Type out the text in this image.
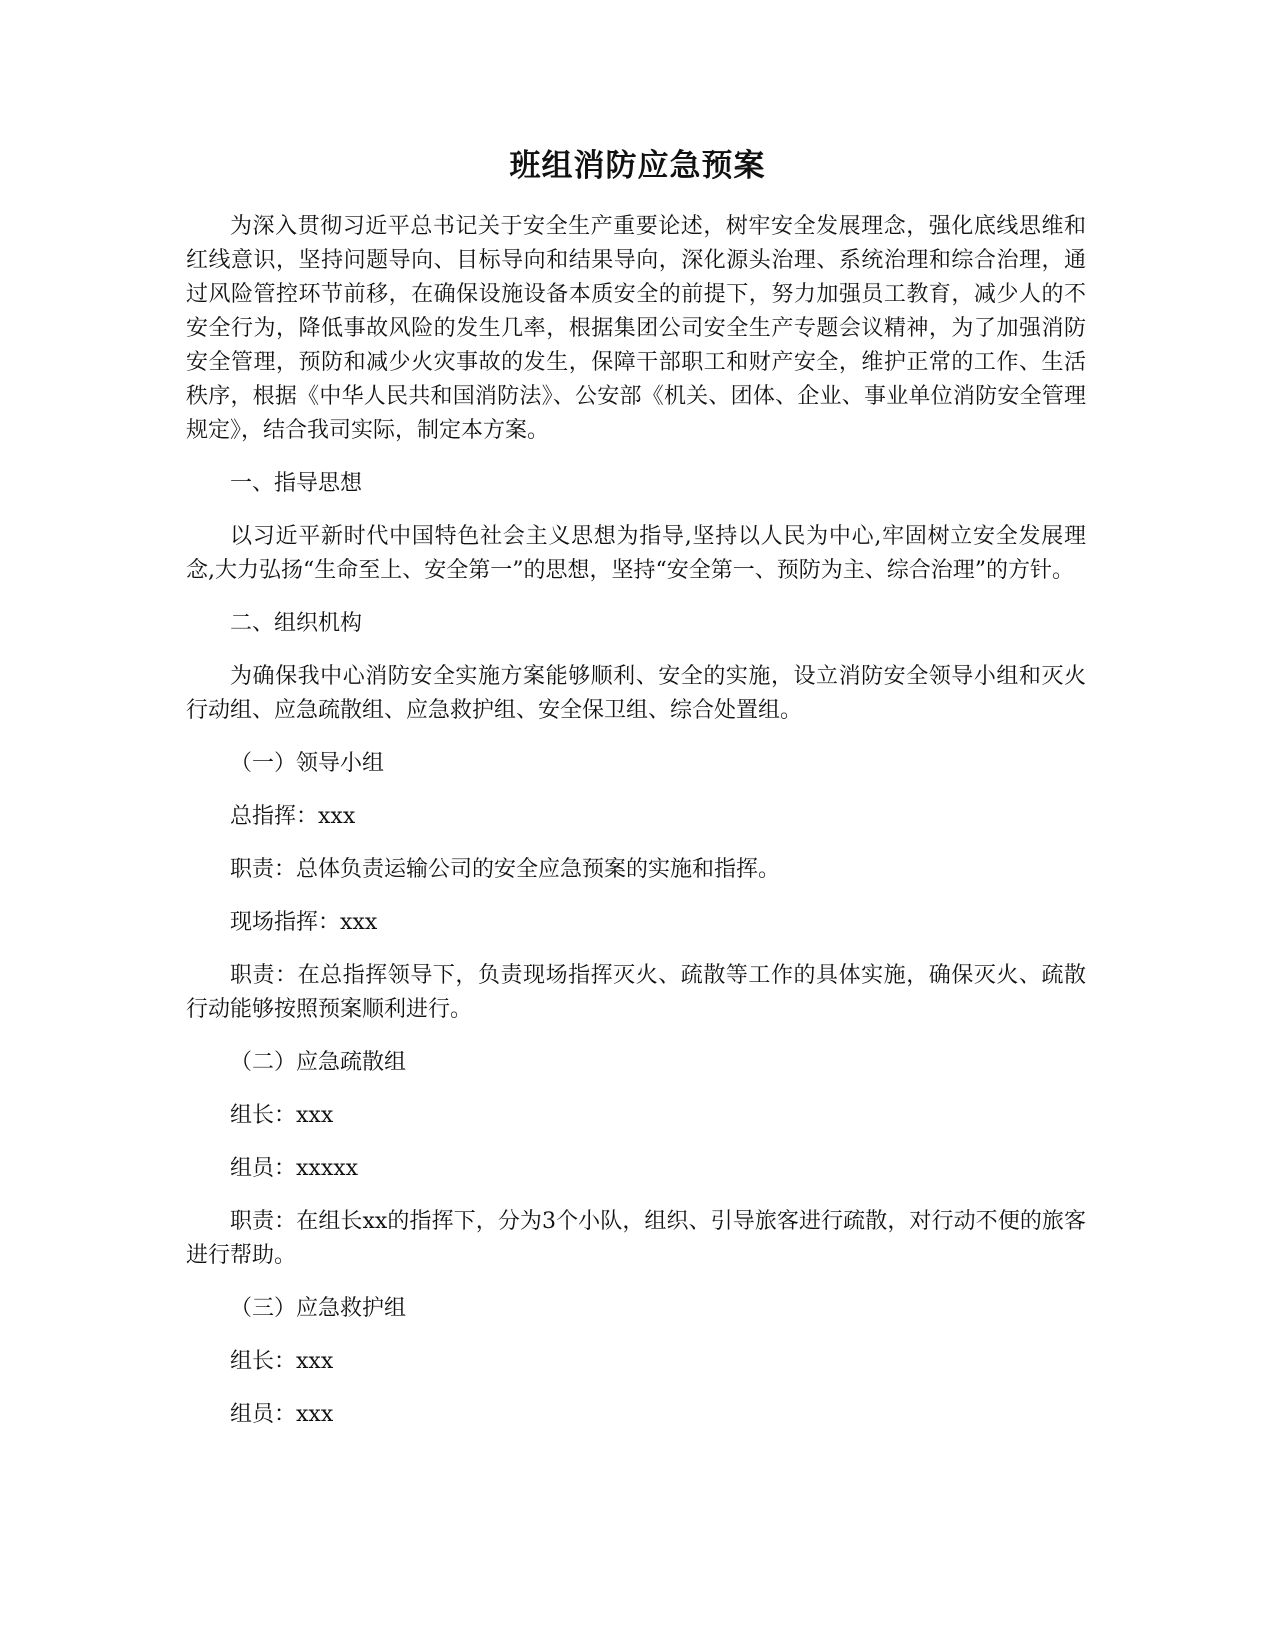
班组消防应急预案

为深入贯彻习近平总书记关于安全生产重要论述，树牢安全发展理念，强化底线思维和红线意识，坚持问题导向、目标导向和结果导向，深化源头治理、系统治理和综合治理，通过风险管控环节前移，在确保设施设备本质安全的前提下，努力加强员工教育，减少人的不安全行为，降低事故风险的发生几率，根据集团公司安全生产专题会议精神，为了加强消防安全管理，预防和减少火灾事故的发生，保障干部职工和财产安全，维护正常的工作、生活秩序，根据《中华人民共和国消防法》、公安部《机关、团体、企业、事业单位消防安全管理规定》，结合我司实际，制定本方案。

一、指导思想

以习近平新时代中国特色社会主义思想为指导,坚持以人民为中心,牢固树立安全发展理念,大力弘扬“生命至上、安全第一”的思想，坚持“安全第一、预防为主、综合治理”的方针。

二、组织机构

为确保我中心消防安全实施方案能够顺利、安全的实施，设立消防安全领导小组和灭火行动组、应急疏散组、应急救护组、安全保卫组、综合处置组。

（一）领导小组

总指挥：xxx

职责：总体负责运输公司的安全应急预案的实施和指挥。

现场指挥：xxx

职责：在总指挥领导下，负责现场指挥灭火、疏散等工作的具体实施，确保灭火、疏散行动能够按照预案顺利进行。

（二）应急疏散组

组长：xxx

组员：xxxxx

职责：在组长xx的指挥下，分为3个小队，组织、引导旅客进行疏散，对行动不便的旅客进行帮助。

（三）应急救护组

组长：xxx

组员：xxx
